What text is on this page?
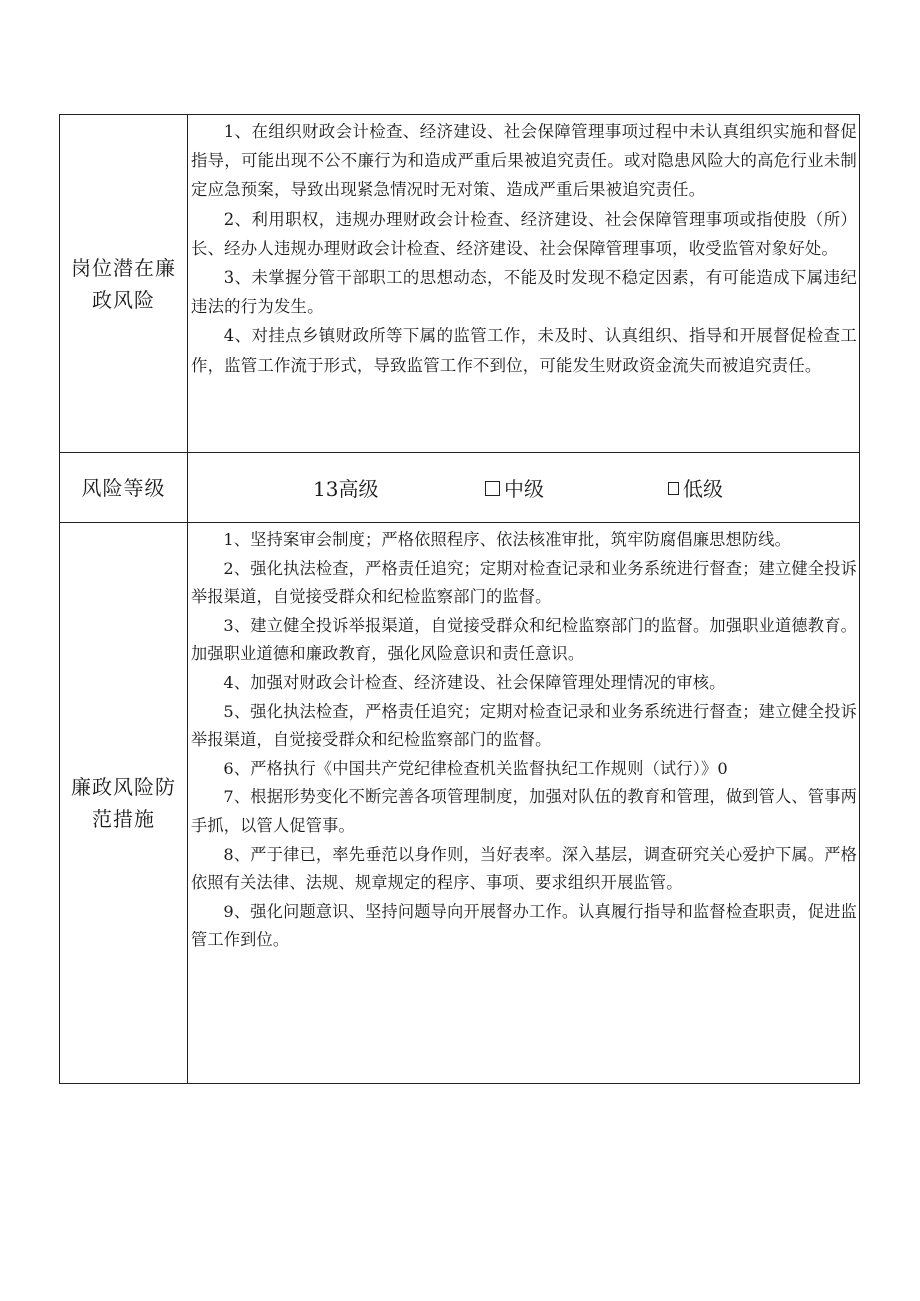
岗位潜在廉政风险

1、在组织财政会计检查、经济建设、社会保障管理事项过程中未认真组织实施和督促指导，可能出现不公不廉行为和造成严重后果被追究责任。或对隐患风险大的高危行业未制定应急预案，导致出现紧急情况时无对策、造成严重后果被追究责任。

2、利用职权，违规办理财政会计检查、经济建设、社会保障管理事项或指使股（所）长、经办人违规办理财政会计检查、经济建设、社会保障管理事项，收受监管对象好处。

3、未掌握分管干部职工的思想动态，不能及时发现不稳定因素，有可能造成下属违纪违法的行为发生。

4、对挂点乡镇财政所等下属的监管工作，未及时、认真组织、指导和开展督促检查工作，监管工作流于形式，导致监管工作不到位，可能发生财政资金流失而被追究责任。

风险等级	13高级	中级	低级
廉政风险防范措施

1、坚持案审会制度；严格依照程序、依法核准审批，筑牢防腐倡廉思想防线。

2、强化执法检查，严格责任追究；定期对检查记录和业务系统进行督查；建立健全投诉举报渠道，自觉接受群众和纪检监察部门的监督。

3、建立健全投诉举报渠道，自觉接受群众和纪检监察部门的监督。加强职业道德教育。加强职业道德和廉政教育，强化风险意识和责任意识。

4、加强对财政会计检查、经济建设、社会保障管理处理情况的审核。

5、强化执法检查，严格责任追究；定期对检查记录和业务系统进行督查；建立健全投诉举报渠道，自觉接受群众和纪检监察部门的监督。

6、严格执行《中国共产党纪律检查机关监督执纪工作规则（试行）》0

7、根据形势变化不断完善各项管理制度，加强对队伍的教育和管理，做到管人、管事两手抓，以管人促管事。

8、严于律已，率先垂范以身作则，当好表率。深入基层，调查研究关心爱护下属。严格依照有关法律、法规、规章规定的程序、事项、要求组织开展监管。

9、强化问题意识、坚持问题导向开展督办工作。认真履行指导和监督检查职责，促进监管工作到位。
